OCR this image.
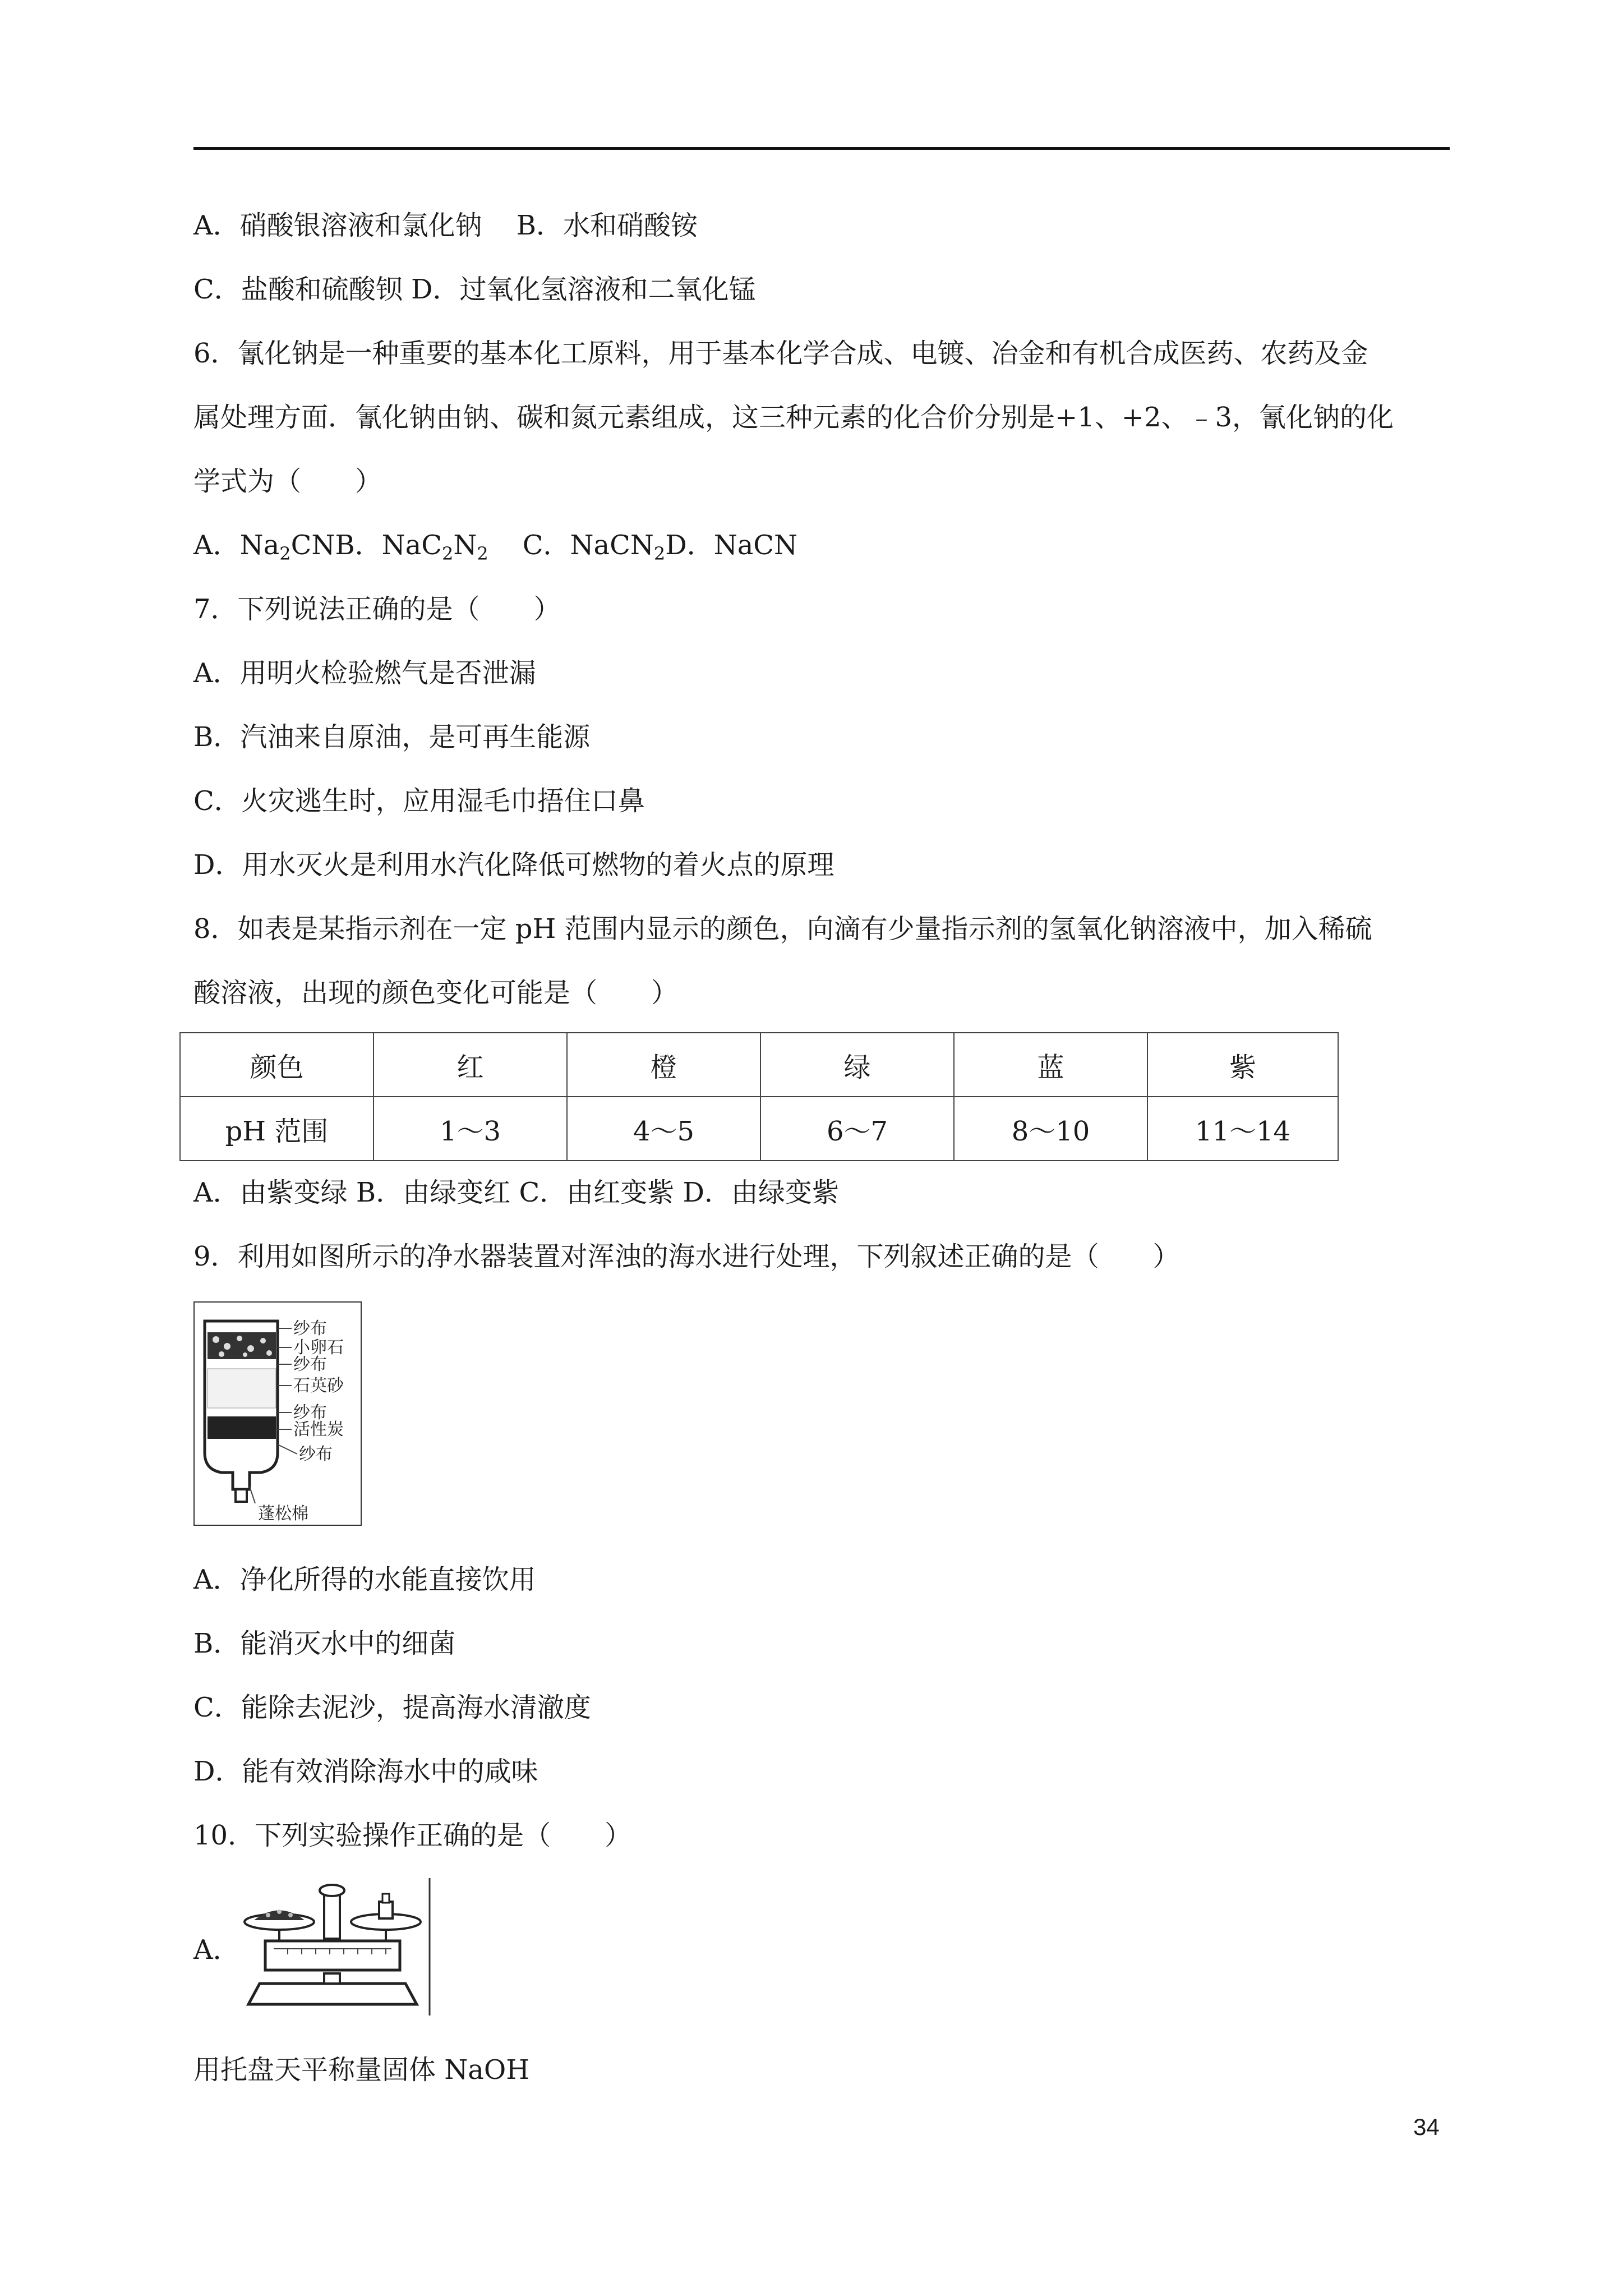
A．硝酸银溶液和氯化钠    B．水和硝酸铵
C．盐酸和硫酸钡 D．过氧化氢溶液和二氧化锰
6．氰化钠是一种重要的基本化工原料，用于基本化学合成、电镀、冶金和有机合成医药、农药及金
属处理方面．氰化钠由钠、碳和氮元素组成，这三种元素的化合价分别是+1、+2、﹣3，氰化钠的化
学式为（　　）
A．$Na_2CNB$．$NaC_2N_2$ C．NaCN$_2$D．NaCN
7．下列说法正确的是（　　）
A．用明火检验燃气是否泄漏
B．汽油来自原油，是可再生能源
C．火灾逃生时，应用湿毛巾捂住口鼻
D．用水灭火是利用水汽化降低可燃物的着火点的原理
8．如表是某指示剂在一定 pH 范围内显示的颜色，向滴有少量指示剂的氢氧化钠溶液中，加入稀硫
酸溶液，出现的颜色变化可能是（　　）
颜色	红	橙	绿	蓝	紫
pH 范围	1～3	4～5	6～7	8～10	11～14
A．由紫变绿 B．由绿变红 C．由红变紫 D．由绿变紫
9．利用如图所示的净水器装置对浑浊的海水进行处理，下列叙述正确的是（　　）
纱布
小卵石
纱布
石英砂
纱布
活性炭
纱布
蓬松棉
A．净化所得的水能直接饮用
B．能消灭水中的细菌
C．能除去泥沙，提高海水清澈度
D．能有效消除海水中的咸味
10．下列实验操作正确的是（　　）
A．
用托盘天平称量固体 NaOH
34
